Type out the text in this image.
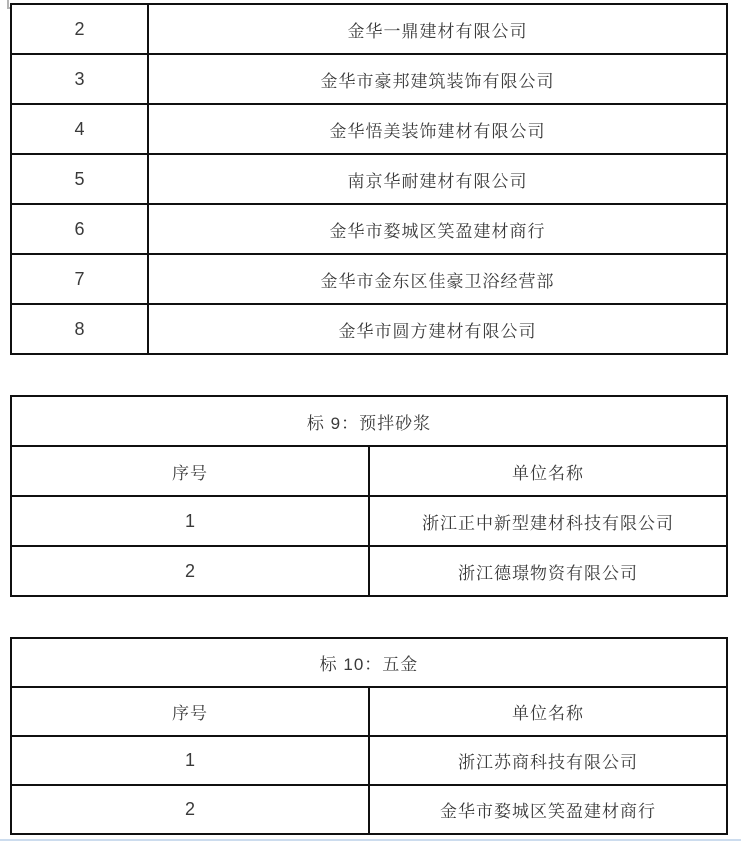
2	金华一鼎建材有限公司
3	金华市豪邦建筑装饰有限公司
4	金华悟美装饰建材有限公司
5	南京华耐建材有限公司
6	金华市婺城区笑盈建材商行
7	金华市金东区佳豪卫浴经营部
8	金华市圆方建材有限公司
标 9：预拌砂浆	
序号	单位名称
1	浙江正中新型建材科技有限公司
2	浙江德璟物资有限公司
标 10：五金	
序号	单位名称
1	浙江苏商科技有限公司
2	金华市婺城区笑盈建材商行
